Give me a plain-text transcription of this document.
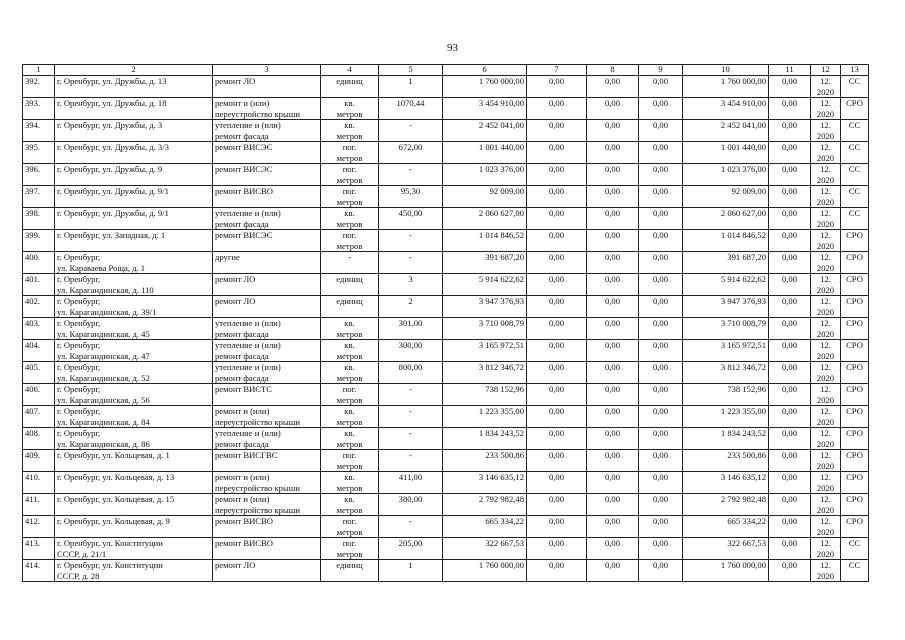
93
1	2	3	4	5	6	7	8	9	10	11	12	13
392.	г. Оренбург, ул. Дружбы, д. 13	ремонт ЛО	единиц	1	1 760 000,00	0,00	0,00	0,00	1 760 000,00	0,00	12.
2020	СС
393.	г. Оренбург, ул. Дружбы, д. 18	ремонт и (или)
переустройство крыши	кв.
метров	1070,44	3 454 910,00	0,00	0,00	0,00	3 454 910,00	0,00	12.
2020	СРО
394.	г. Оренбург, ул. Дружбы, д. 3	утепление и (или)
ремонт фасада	кв.
метров	-	2 452 041,00	0,00	0,00	0,00	2 452 041,00	0,00	12.
2020	СС
395.	г. Оренбург, ул. Дружбы, д. 3/3	ремонт ВИСЭС	пог.
метров	672,00	1 001 440,00	0,00	0,00	0,00	1 001 440,00	0,00	12.
2020	СС
396.	г. Оренбург, ул. Дружбы, д. 9	ремонт ВИСЭС	пог.
метров	-	1 023 376,00	0,00	0,00	0,00	1 023 376,00	0,00	12.
2020	СС
397.	г. Оренбург, ул. Дружбы, д. 9/1	ремонт ВИСВО	пог.
метров	95,30	92 009,00	0,00	0,00	0,00	92 009,00	0,00	12.
2020	СС
398.	г. Оренбург, ул. Дружбы, д. 9/1	утепление и (или)
ремонт фасада	кв.
метров	450,00	2 060 627,00	0,00	0,00	0,00	2 060 627,00	0,00	12.
2020	СС
399.	г. Оренбург, ул. Западная, д. 1	ремонт ВИСЭС	пог.
метров	-	1 014 846,52	0,00	0,00	0,00	1 014 846,52	0,00	12.
2020	СРО
400.	г. Оренбург,
ул. Караваева Роща, д. 1	другие	-	-	391 687,20	0,00	0,00	0,00	391 687,20	0,00	12.
2020	СРО
401.	г. Оренбург,
ул. Карагандинская, д. 110	ремонт ЛО	единиц	3	5 914 622,62	0,00	0,00	0,00	5 914 622,62	0,00	12.
2020	СРО
402.	г. Оренбург,
ул. Карагандинская, д. 39/1	ремонт ЛО	единиц	2	3 947 376,93	0,00	0,00	0,00	3 947 376,93	0,00	12.
2020	СРО
403.	г. Оренбург,
ул. Карагандинская, д. 45	утепление и (или)
ремонт фасада	кв.
метров	301,00	3 710 008,79	0,00	0,00	0,00	3 710 008,79	0,00	12.
2020	СРО
404.	г. Оренбург,
ул. Карагандинская, д. 47	утепление и (или)
ремонт фасада	кв.
метров	300,00	3 165 972,51	0,00	0,00	0,00	3 165 972,51	0,00	12.
2020	СРО
405.	г. Оренбург,
ул. Карагандинская, д. 52	утепление и (или)
ремонт фасада	кв.
метров	800,00	3 812 346,72	0,00	0,00	0,00	3 812 346,72	0,00	12.
2020	СРО
406.	г. Оренбург,
ул. Карагандинская, д. 56	ремонт ВИСТС	пог.
метров	-	738 152,96	0,00	0,00	0,00	738 152,96	0,00	12.
2020	СРО
407.	г. Оренбург,
ул. Карагандинская, д. 84	ремонт и (или)
переустройство крыши	кв.
метров	-	1 223 355,00	0,00	0,00	0,00	1 223 355,00	0,00	12.
2020	СРО
408.	г. Оренбург,
ул. Карагандинская, д. 86	утепление и (или)
ремонт фасада	кв.
метров	-	1 834 243,52	0,00	0,00	0,00	1 834 243,52	0,00	12.
2020	СРО
409.	г. Оренбург, ул. Кольцевая, д. 1	ремонт ВИСГВС	пог.
метров	-	233 500,86	0,00	0,00	0,00	233 500,86	0,00	12.
2020	СРО
410.	г. Оренбург, ул. Кольцевая, д. 13	ремонт и (или)
переустройство крыши	кв.
метров	411,00	3 146 635,12	0,00	0,00	0,00	3 146 635,12	0,00	12.
2020	СРО
411.	г. Оренбург, ул. Кольцевая, д. 15	ремонт и (или)
переустройство крыши	кв.
метров	380,00	2 792 982,48	0,00	0,00	0,00	2 792 982,48	0,00	12.
2020	СРО
412.	г. Оренбург, ул. Кольцевая, д. 9	ремонт ВИСВО	пог.
метров	-	665 334,22	0,00	0,00	0,00	665 334,22	0,00	12.
2020	СРО
413.	г. Оренбург, ул. Конституции
СССР, д. 21/1	ремонт ВИСВО	пог.
метров	205,00	322 667,53	0,00	0,00	0,00	322 667,53	0,00	12.
2020	СС
414.	г. Оренбург, ул. Конституции
СССР, д. 28	ремонт ЛО	единиц	1	1 760 000,00	0,00	0,00	0,00	1 760 000,00	0,00	12.
2020	СС
